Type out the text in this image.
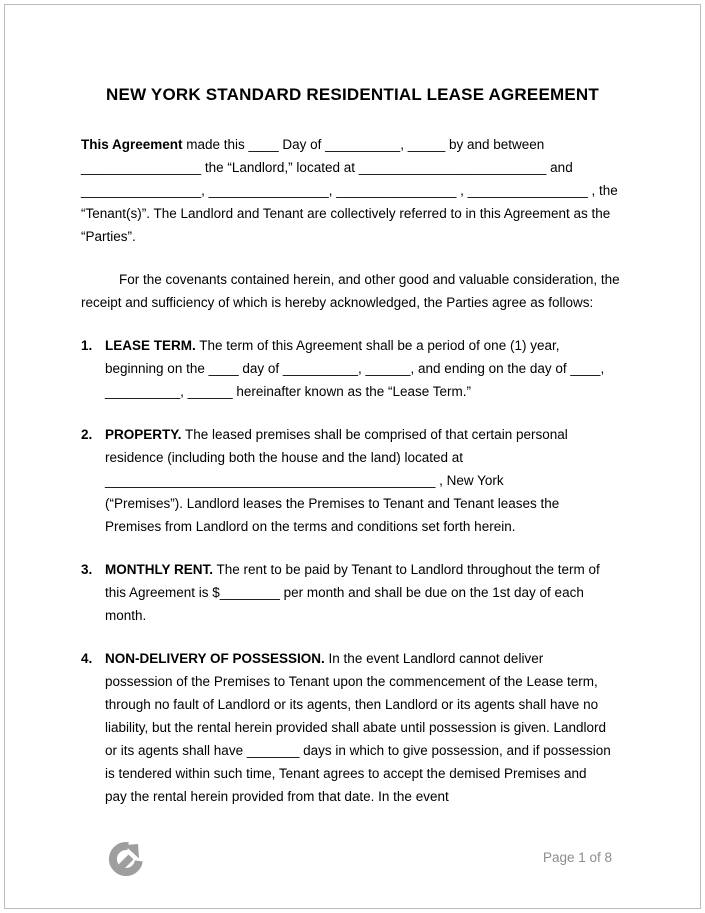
NEW YORK STANDARD RESIDENTIAL LEASE AGREEMENT

This Agreement made this ____ Day of __________, _____ by and between ________________ the “Landlord,” located at _________________________ and ________________, ________________, ________________ , ________________ , the “Tenant(s)”. The Landlord and Tenant are collectively referred to in this Agreement as the “Parties”.

For the covenants contained herein, and other good and valuable consideration, the receipt and sufficiency of which is hereby acknowledged, the Parties agree as follows:

1. LEASE TERM. The term of this Agreement shall be a period of one (1) year, beginning on the ____ day of __________, ______, and ending on the day of ____, __________, ______ hereinafter known as the “Lease Term.”
2. PROPERTY. The leased premises shall be comprised of that certain personal residence (including both the house and the land) located at
____________________________________________ , New York
(“Premises”). Landlord leases the Premises to Tenant and Tenant leases the Premises from Landlord on the terms and conditions set forth herein.
3. MONTHLY RENT. The rent to be paid by Tenant to Landlord throughout the term of this Agreement is $________ per month and shall be due on the 1st day of each month.
4. NON-DELIVERY OF POSSESSION. In the event Landlord cannot deliver possession of the Premises to Tenant upon the commencement of the Lease term, through no fault of Landlord or its agents, then Landlord or its agents shall have no liability, but the rental herein provided shall abate until possession is given. Landlord or its agents shall have _______ days in which to give possession, and if possession is tendered within such time, Tenant agrees to accept the demised Premises and pay the rental herein provided from that date. In the event
Page 1 of 8
